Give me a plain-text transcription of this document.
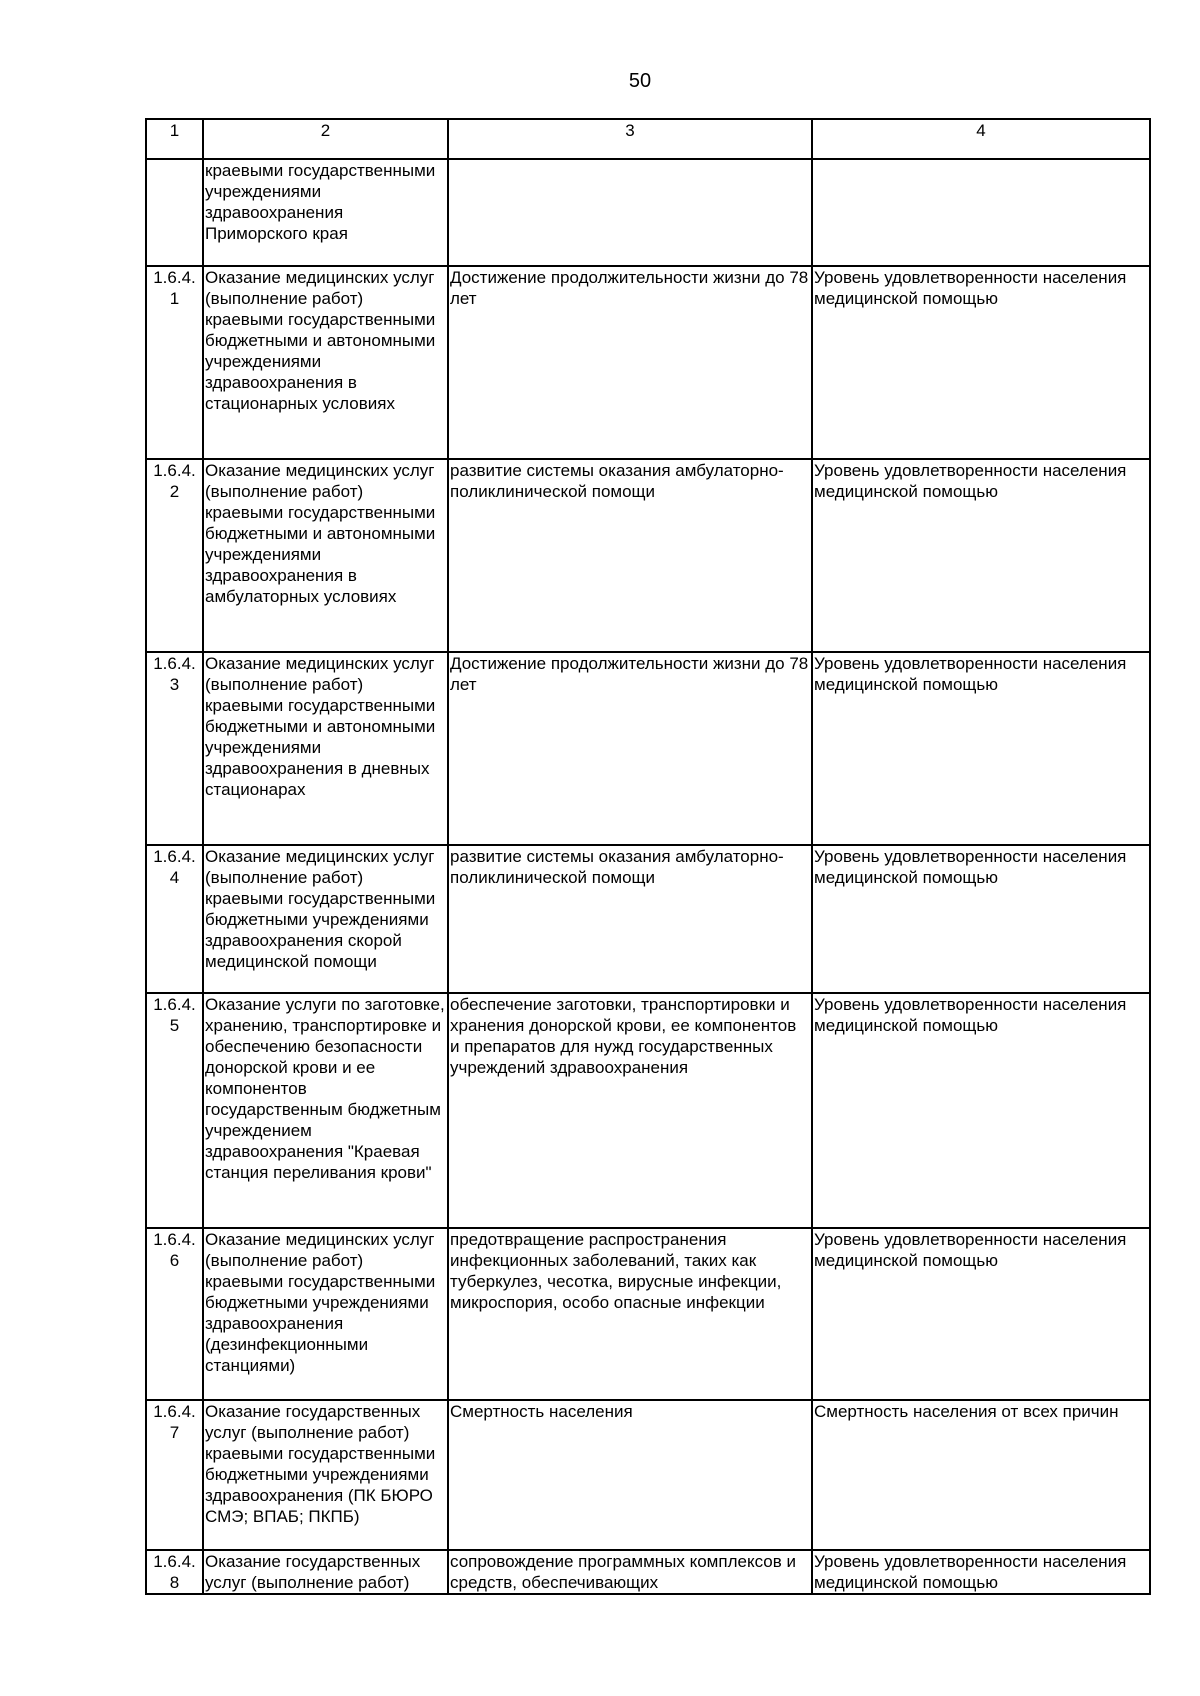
50
1	2	3	4
	краевыми государственными учреждениями здравоохранения Приморского края		
1.6.4. 1	Оказание медицинских услуг (выполнение работ) краевыми государственными бюджетными и автономными учреждениями здравоохранения в стационарных условиях	Достижение продолжительности жизни до 78 лет	Уровень удовлетворенности населения медицинской помощью
1.6.4. 2	Оказание медицинских услуг (выполнение работ) краевыми государственными бюджетными и автономными учреждениями здравоохранения в амбулаторных условиях	развитие системы оказания амбулаторно-поликлинической помощи	Уровень удовлетворенности населения медицинской помощью
1.6.4. 3	Оказание медицинских услуг (выполнение работ) краевыми государственными бюджетными и автономными учреждениями здравоохранения в дневных стационарах	Достижение продолжительности жизни до 78 лет	Уровень удовлетворенности населения медицинской помощью
1.6.4. 4	Оказание медицинских услуг (выполнение работ) краевыми государственными бюджетными учреждениями здравоохранения скорой медицинской помощи	развитие системы оказания амбулаторно-поликлинической помощи	Уровень удовлетворенности населения медицинской помощью
1.6.4. 5	Оказание услуги по заготовке, хранению, транспортировке и обеспечению безопасности донорской крови и ее компонентов государственным бюджетным учреждением здравоохранения "Краевая станция переливания крови"	обеспечение заготовки, транспортировки и хранения донорской крови, ее компонентов и препаратов для нужд государственных учреждений здравоохранения	Уровень удовлетворенности населения медицинской помощью
1.6.4. 6	Оказание медицинских услуг (выполнение работ) краевыми государственными бюджетными учреждениями здравоохранения (дезинфекционными станциями)	предотвращение распространения инфекционных заболеваний, таких как туберкулез, чесотка, вирусные инфекции, микроспория, особо опасные инфекции	Уровень удовлетворенности населения медицинской помощью
1.6.4. 7	Оказание государственных услуг (выполнение работ) краевыми государственными бюджетными учреждениями здравоохранения (ПК БЮРО СМЭ; ВПАБ; ПКПБ)	Смертность населения	Смертность населения от всех причин
1.6.4. 8	Оказание государственных услуг (выполнение работ)	сопровождение программных комплексов и средств, обеспечивающих	Уровень удовлетворенности населения медицинской помощью
